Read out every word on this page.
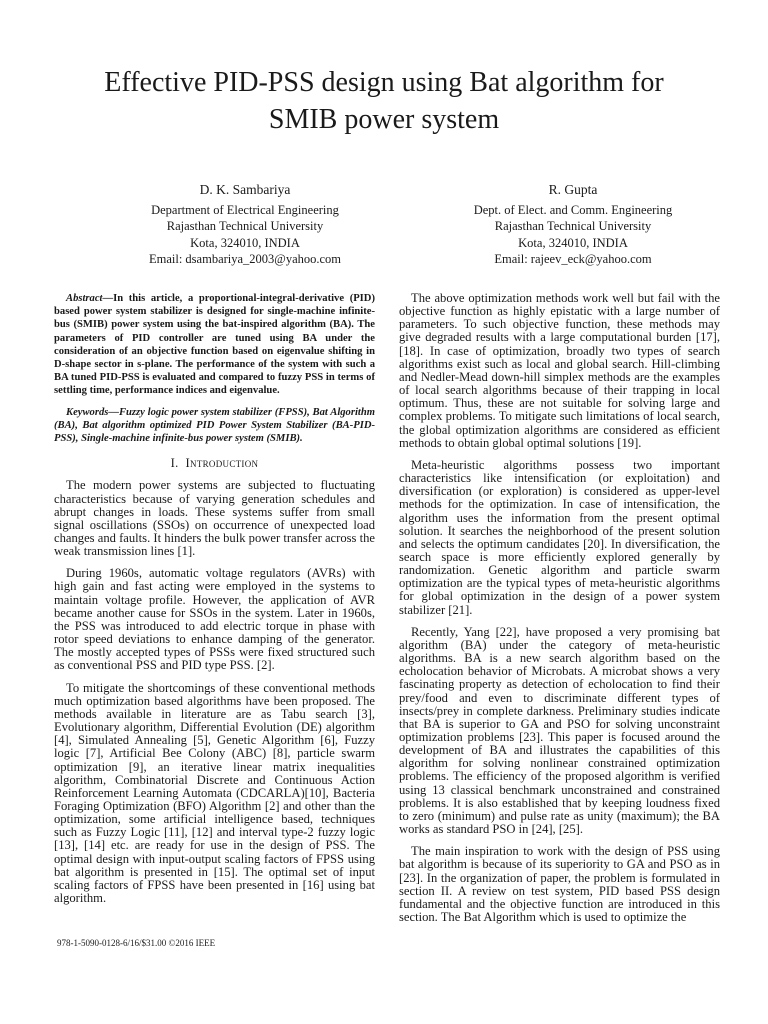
Effective PID-PSS design using Bat algorithm for
SMIB power system
D. K. Sambariya
Department of Electrical Engineering
Rajasthan Technical University
Kota, 324010, INDIA
Email: dsambariya_2003@yahoo.com
R. Gupta
Dept. of Elect. and Comm. Engineering
Rajasthan Technical University
Kota, 324010, INDIA
Email: rajeev_eck@yahoo.com

Abstract—In this article, a proportional-integral-derivative (PID) based power system stabilizer is designed for single-machine infinite-bus (SMIB) power system using the bat-inspired algorithm (BA). The parameters of PID controller are tuned using BA under the consideration of an objective function based on eigenvalue shifting in D-shape sector in s-plane. The performance of the system with such a BA tuned PID-PSS is evaluated and compared to fuzzy PSS in terms of settling time, performance indices and eigenvalue.

Keywords—Fuzzy logic power system stabilizer (FPSS), Bat Algorithm (BA), Bat algorithm optimized PID Power System Stabilizer (BA-PID-PSS), Single-machine infinite-bus power system (SMIB).

I. Introduction

The modern power systems are subjected to fluctuating characteristics because of varying generation schedules and abrupt changes in loads. These systems suffer from small signal oscillations (SSOs) on occurrence of unexpected load changes and faults. It hinders the bulk power transfer across the weak transmission lines [1].

During 1960s, automatic voltage regulators (AVRs) with high gain and fast acting were employed in the systems to maintain voltage profile. However, the application of AVR became another cause for SSOs in the system. Later in 1960s, the PSS was introduced to add electric torque in phase with rotor speed deviations to enhance damping of the generator. The mostly accepted types of PSSs were fixed structured such as conventional PSS and PID type PSS. [2].

To mitigate the shortcomings of these conventional methods much optimization based algorithms have been proposed. The methods available in literature are as Tabu search [3], Evolutionary algorithm, Differential Evolution (DE) algorithm [4], Simulated Annealing [5], Genetic Algorithm [6], Fuzzy logic [7], Artificial Bee Colony (ABC) [8], particle swarm optimization [9], an iterative linear matrix inequalities algorithm, Combinatorial Discrete and Continuous Action Reinforcement Learning Automata (CDCARLA)[10], Bacteria Foraging Optimization (BFO) Algorithm [2] and other than the optimization, some artificial intelligence based, techniques such as Fuzzy Logic [11], [12] and interval type-2 fuzzy logic [13], [14] etc. are ready for use in the design of PSS. The optimal design with input-output scaling factors of FPSS using bat algorithm is presented in [15]. The optimal set of input scaling factors of FPSS have been presented in [16] using bat algorithm.

The above optimization methods work well but fail with the objective function as highly epistatic with a large number of parameters. To such objective function, these methods may give degraded results with a large computational burden [17], [18]. In case of optimization, broadly two types of search algorithms exist such as local and global search. Hill-climbing and Nedler-Mead down-hill simplex methods are the examples of local search algorithms because of their trapping in local optimum. Thus, these are not suitable for solving large and complex problems. To mitigate such limitations of local search, the global optimization algorithms are considered as efficient methods to obtain global optimal solutions [19].

Meta-heuristic algorithms possess two important characteristics like intensification (or exploitation) and diversification (or exploration) is considered as upper-level methods for the optimization. In case of intensification, the algorithm uses the information from the present optimal solution. It searches the neighborhood of the present solution and selects the optimum candidates [20]. In diversification, the search space is more efficiently explored generally by randomization. Genetic algorithm and particle swarm optimization are the typical types of meta-heuristic algorithms for global optimization in the design of a power system stabilizer [21].

Recently, Yang [22], have proposed a very promising bat algorithm (BA) under the category of meta-heuristic algorithms. BA is a new search algorithm based on the echolocation behavior of Microbats. A microbat shows a very fascinating property as detection of echolocation to find their prey/food and even to discriminate different types of insects/prey in complete darkness. Preliminary studies indicate that BA is superior to GA and PSO for solving unconstraint optimization problems [23]. This paper is focused around the development of BA and illustrates the capabilities of this algorithm for solving nonlinear constrained optimization problems. The efficiency of the proposed algorithm is verified using 13 classical benchmark unconstrained and constrained problems. It is also established that by keeping loudness fixed to zero (minimum) and pulse rate as unity (maximum); the BA works as standard PSO in [24], [25].

The main inspiration to work with the design of PSS using bat algorithm is because of its superiority to GA and PSO as in [23]. In the organization of paper, the problem is formulated in section II. A review on test system, PID based PSS design fundamental and the objective function are introduced in this section. The Bat Algorithm which is used to optimize the

978-1-5090-0128-6/16/$31.00 ©2016 IEEE
